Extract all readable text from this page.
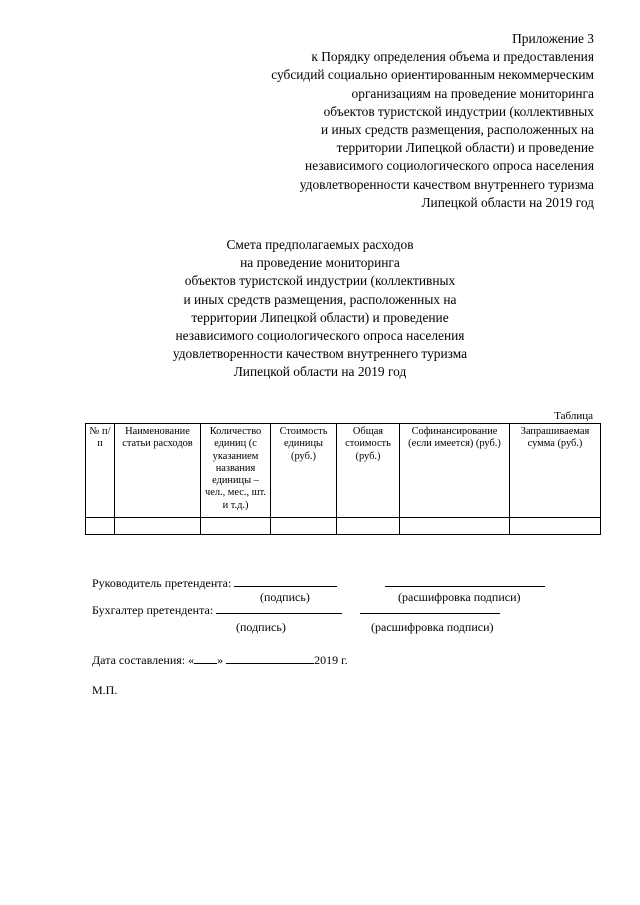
Приложение 3
к Порядку определения объема и предоставления
субсидий социально ориентированным некоммерческим
организациям на проведение мониторинга
объектов туристской индустрии (коллективных
и иных средств размещения, расположенных на
территории Липецкой области) и проведение
независимого социологического опроса населения
удовлетворенности качеством внутреннего туризма
Липецкой области на 2019 год
Смета предполагаемых расходов
на проведение мониторинга
объектов туристской индустрии (коллективных
и иных средств размещения, расположенных на
территории Липецкой области) и проведение
независимого социологического опроса населения
удовлетворенности качеством внутреннего туризма
Липецкой области на 2019 год
Таблица
№ п/п	Наименование статьи расходов	Количество единиц (с указанием названия единицы – чел., мес., шт. и т.д.)	Стоимость единицы (руб.)	Общая стоимость (руб.)	Софинансирование (если имеется) (руб.)	Запрашиваемая сумма (руб.)

Руководитель претендента:
(подпись)	(расшифровка подписи)
Бухгалтер претендента:
(подпись)	(расшифровка подписи)
Дата составления: « »	2019 г.
М.П.
